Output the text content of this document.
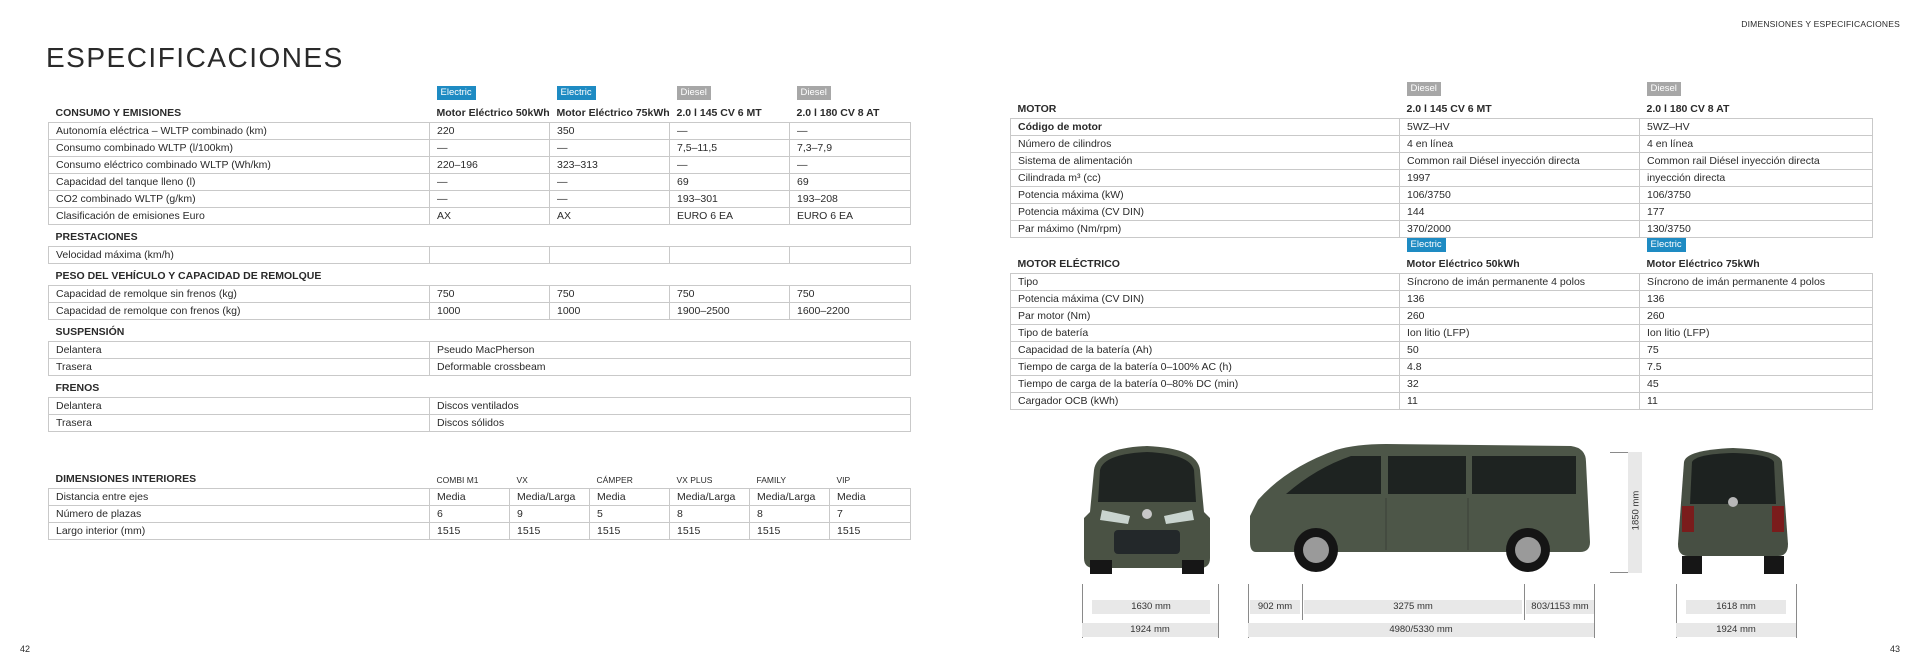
DIMENSIONES Y ESPECIFICACIONES
42	43
ESPECIFICACIONES
	Electric	Electric	Diesel	Diesel
CONSUMO Y EMISIONES	Motor Eléctrico 50kWh	Motor Eléctrico 75kWh	2.0 l 145 CV 6 MT	2.0 l 180 CV 8 AT
Autonomía eléctrica – WLTP combinado (km)	220	350	—	—
Consumo combinado WLTP (l/100km)	—	—	7,5–11,5	7,3–7,9
Consumo eléctrico combinado WLTP (Wh/km)	220–196	323–313	—	—
Capacidad del tanque lleno (l)	—	—	69	69
CO2 combinado WLTP (g/km)	—	—	193–301	193–208
Clasificación de emisiones Euro	AX	AX	EURO 6 EA	EURO 6 EA
PRESTACIONES				
Velocidad máxima (km/h)				
PESO DEL VEHÍCULO Y CAPACIDAD DE REMOLQUE				
Capacidad de remolque sin frenos (kg)	750	750	750	750
Capacidad de remolque con frenos (kg)	1000	1000	1900–2500	1600–2200
SUSPENSIÓN				
Delantera	Pseudo MacPherson			
Trasera	Deformable crossbeam			
FRENOS				
Delantera	Discos ventilados			
Trasera	Discos sólidos			
DIMENSIONES INTERIORES	COMBI M1	VX	CÁMPER	VX PLUS	FAMILY	VIP
Distancia entre ejes	Media	Media/Larga	Media	Media/Larga	Media/Larga	Media
Número de plazas	6	9	5	8	8	7
Largo interior (mm)	1515	1515	1515	1515	1515	1515
	Diesel	Diesel
MOTOR	2.0 l 145 CV 6 MT	2.0 l 180 CV 8 AT
Código de motor	5WZ–HV	5WZ–HV
Número de cilindros	4 en línea	4 en línea
Sistema de alimentación	Common rail Diésel inyección directa	Common rail Diésel inyección directa
Cilindrada m³ (cc)	1997	inyección directa
Potencia máxima (kW)	106/3750	106/3750
Potencia máxima (CV DIN)	144	177
Par máximo (Nm/rpm)	370/2000	130/3750
	Electric	Electric
MOTOR ELÉCTRICO	Motor Eléctrico 50kWh	Motor Eléctrico 75kWh
Tipo	Síncrono de imán permanente 4 polos	Síncrono de imán permanente 4 polos
Potencia máxima (CV DIN)	136	136
Par motor (Nm)	260	260
Tipo de batería	Ion litio (LFP)	Ion litio (LFP)
Capacidad de la batería (Ah)	50	75
Tiempo de carga de la batería 0–100% AC (h)	4.8	7.5
Tiempo de carga de la batería 0–80% DC (min)	32	45
Cargador OCB (kWh)	11	11
1630 mm
1924 mm
902 mm	3275 mm	803/1153 mm
4980/5330 mm
1850 mm
1618 mm
1924 mm
